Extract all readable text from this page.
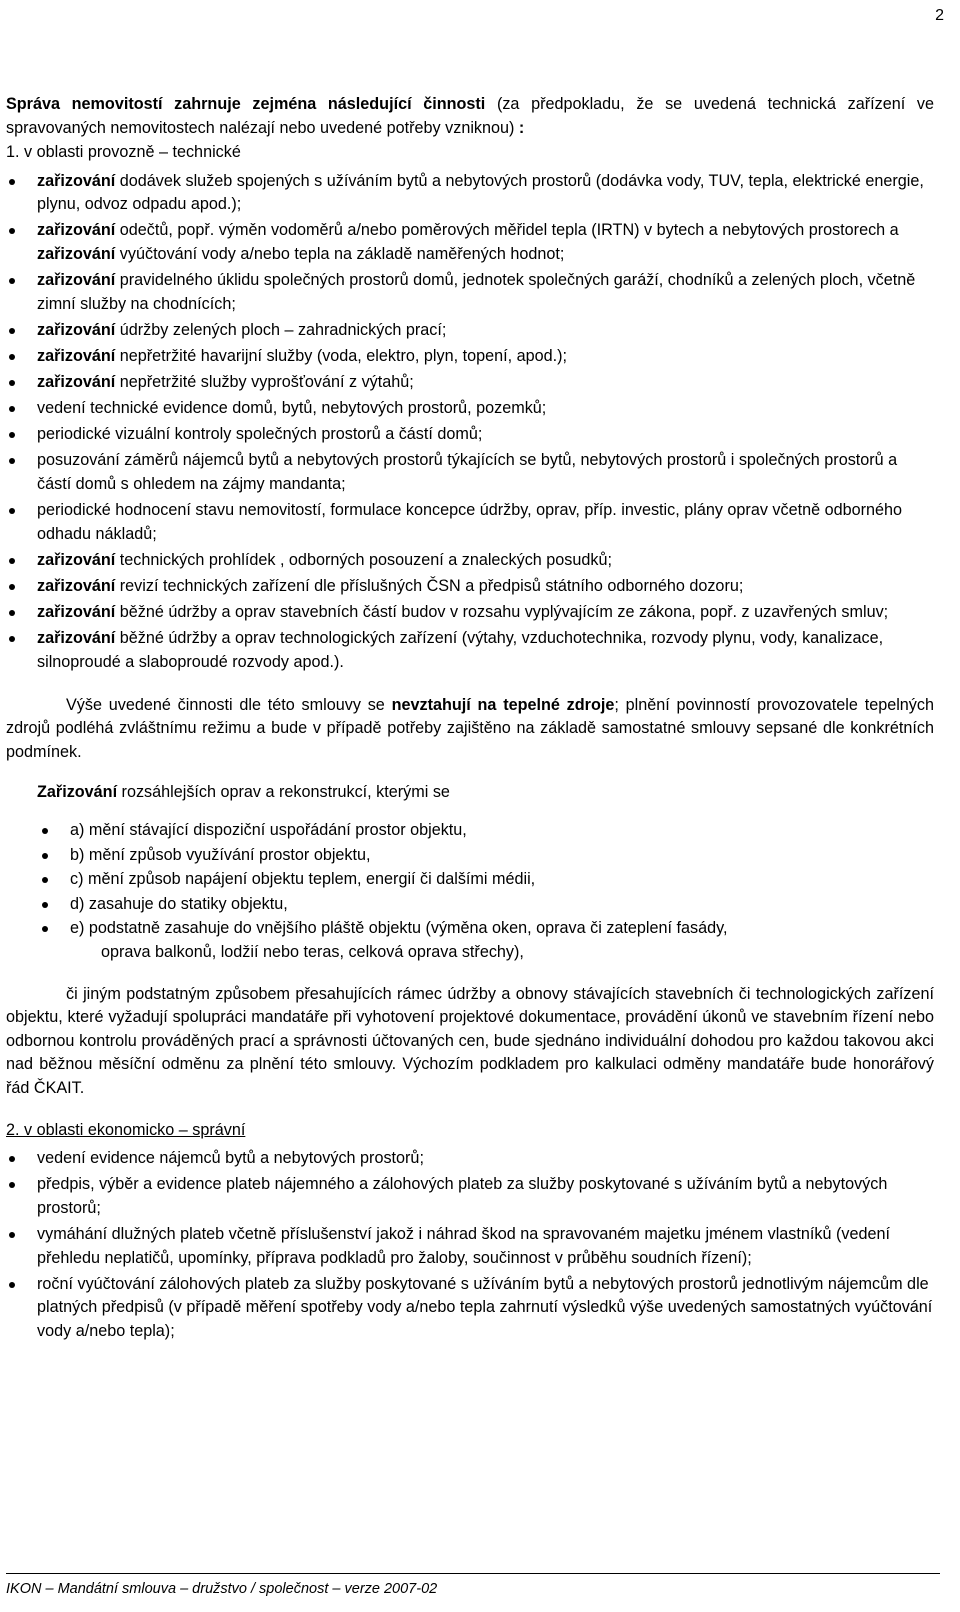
2

Správa nemovitostí zahrnuje zejména následující činnosti (za předpokladu, že se uvedená technická zařízení ve spravovaných nemovitostech nalézají nebo uvedené potřeby vzniknou) :

1. v oblasti provozně – technické

zařizování dodávek služeb spojených s užíváním bytů a nebytových prostorů (dodávka vody, TUV, tepla, elektrické energie, plynu, odvoz odpadu apod.);
zařizování odečtů, popř. výměn vodoměrů a/nebo poměrových měřidel tepla (IRTN) v bytech a nebytových prostorech a zařizování vyúčtování vody a/nebo tepla na základě naměřených hodnot;
zařizování pravidelného úklidu společných prostorů domů, jednotek společných garáží, chodníků a zelených ploch, včetně zimní služby na chodnících;
zařizování údržby zelených ploch – zahradnických prací;
zařizování nepřetržité havarijní služby (voda, elektro, plyn, topení, apod.);
zařizování nepřetržité služby vyprošťování z výtahů;
vedení technické evidence domů, bytů, nebytových prostorů, pozemků;
periodické vizuální kontroly společných prostorů a částí domů;
posuzování záměrů nájemců bytů a nebytových prostorů týkajících se bytů, nebytových prostorů i společných prostorů a částí domů s ohledem na zájmy mandanta;
periodické hodnocení stavu nemovitostí, formulace koncepce údržby, oprav, příp. investic, plány oprav včetně odborného odhadu nákladů;
zařizování technických prohlídek , odborných posouzení a znaleckých posudků;
zařizování revizí technických zařízení dle příslušných ČSN a předpisů státního odborného dozoru;
zařizování běžné údržby a oprav stavebních částí budov v rozsahu vyplývajícím ze zákona, popř. z uzavřených smluv;
zařizování běžné údržby a oprav technologických zařízení (výtahy, vzduchotechnika, rozvody plynu, vody, kanalizace, silnoproudé a slaboproudé rozvody apod.).

Výše uvedené činnosti dle této smlouvy se nevztahují na tepelné zdroje; plnění povinností provozovatele tepelných zdrojů podléhá zvláštnímu režimu a bude v případě potřeby zajištěno na základě samostatné smlouvy sepsané dle konkrétních podmínek.

Zařizování rozsáhlejších oprav a rekonstrukcí, kterými se

a) mění stávající dispoziční uspořádání prostor objektu,
b) mění způsob využívání prostor objektu,
c) mění způsob napájení objektu teplem, energií či dalšími médii,
d) zasahuje do statiky objektu,
e) podstatně zasahuje do vnějšího pláště objektu (výměna oken, oprava či zateplení fasády,
oprava balkonů, lodžií nebo teras, celková oprava střechy),

či jiným podstatným způsobem přesahujících rámec údržby a obnovy stávajících stavebních či technologických zařízení objektu, které vyžadují spolupráci mandatáře při vyhotovení projektové dokumentace, provádění úkonů ve stavebním řízení nebo odbornou kontrolu prováděných prací a správnosti účtovaných cen, bude sjednáno individuální dohodou pro každou takovou akci nad běžnou měsíční odměnu za plnění této smlouvy. Výchozím podkladem pro kalkulaci odměny mandatáře bude honorářový řád ČKAIT.

2. v oblasti ekonomicko – správní

vedení evidence nájemců bytů a nebytových prostorů;
předpis, výběr a evidence plateb nájemného a zálohových plateb za služby poskytované s užíváním bytů a nebytových prostorů;
vymáhání dlužných plateb včetně příslušenství jakož i náhrad škod na spravovaném majetku jménem vlastníků (vedení přehledu neplatičů, upomínky, příprava podkladů pro žaloby, součinnost v průběhu soudních řízení);
roční vyúčtování zálohových plateb za služby poskytované s užíváním bytů a nebytových prostorů jednotlivým nájemcům dle platných předpisů (v případě měření spotřeby vody a/nebo tepla zahrnutí výsledků výše uvedených samostatných vyúčtování vody a/nebo tepla);
IKON – Mandátní smlouva – družstvo / společnost – verze 2007-02
